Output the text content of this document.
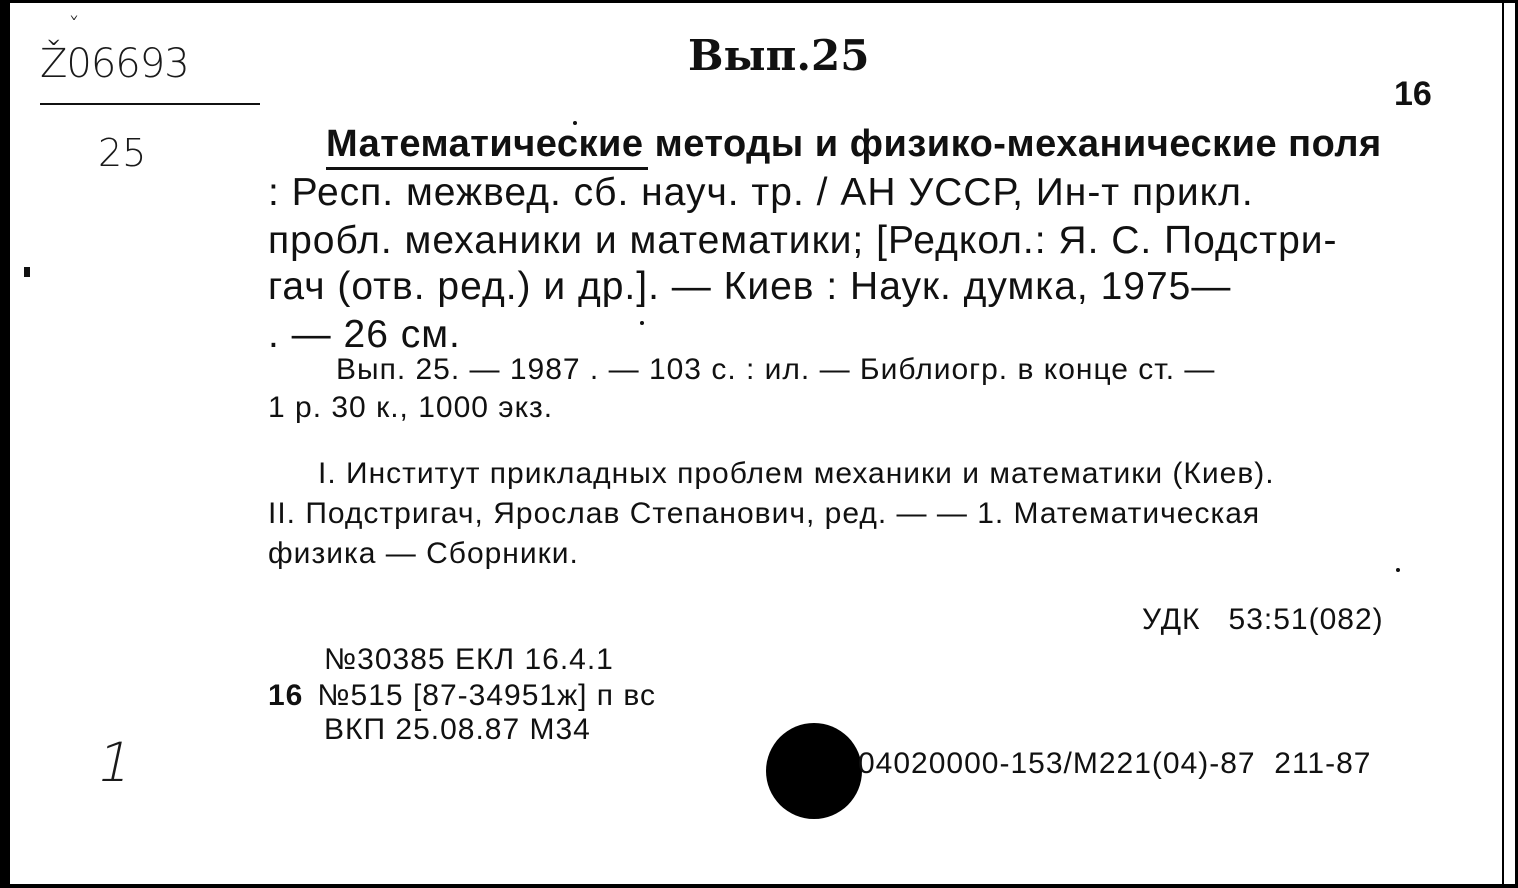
ˇ
Ž06693
25
Вып.25
16
Математические методы и физико-механические поля
: Респ. межвед. сб. науч. тр. / АН УССР, Ин-т прикл.
пробл. механики и математики; [Редкол.: Я. С. Подстри-
гач (отв. ред.) и др.]. — Киев : Наук. думка, 1975—
. — 26 см.
Вып. 25. — 1987 . — 103 с. : ил. — Библиогр. в конце ст. —
1 р. 30 к., 1000 экз.
I. Институт прикладных проблем механики и математики (Киев).
II. Подстригач, Ярослав Степанович, ред. — — 1. Математическая
физика — Сборники.
УДК   53:51(082)
№30385 ЕКЛ 16.4.1
16 №515 [87-34951ж] п вс
ВКП 25.08.87 М34
1	04020000-153/М221(04)-87  211-87
